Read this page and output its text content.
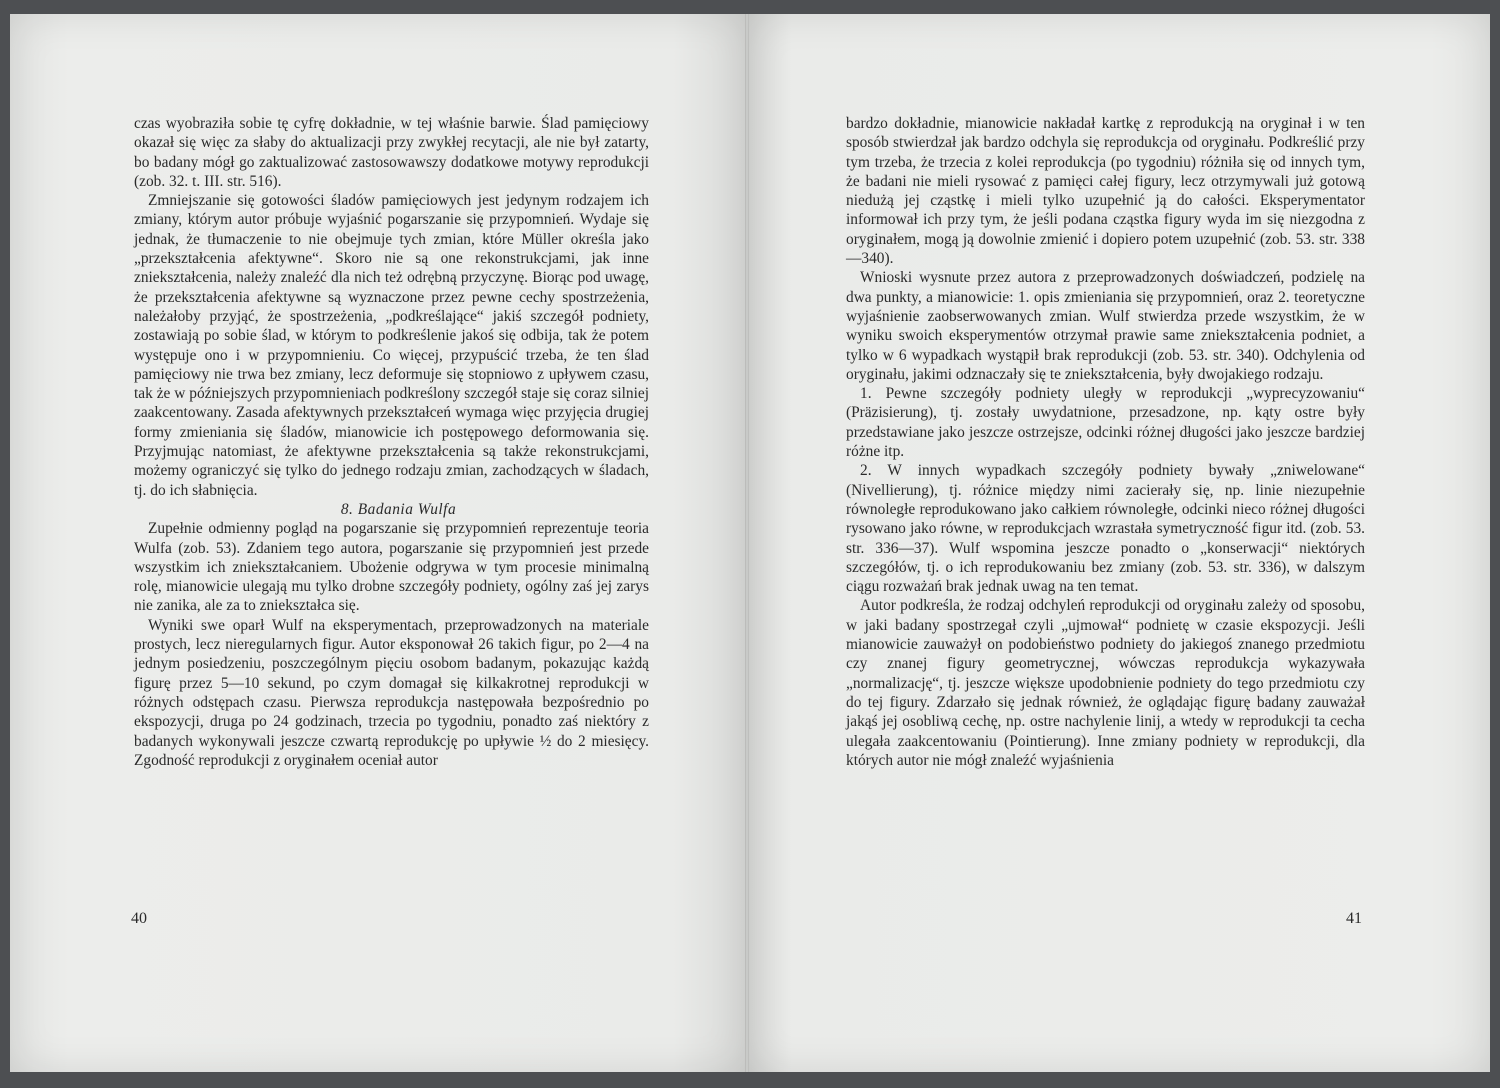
czas wyobraziła sobie tę cyfrę dokładnie, w tej właśnie barwie. Ślad pamięciowy okazał się więc za słaby do aktualizacji przy zwykłej recytacji, ale nie był zatarty, bo badany mógł go zaktualizować zastosowawszy dodatkowe motywy reprodukcji (zob. 32. t. III. str. 516).

Zmniejszanie się gotowości śladów pamięciowych jest jedynym rodzajem ich zmiany, którym autor próbuje wyjaśnić pogarszanie się przypomnień. Wydaje się jednak, że tłumaczenie to nie obejmuje tych zmian, które Müller określa jako „przekształcenia afektywne“. Skoro nie są one rekonstrukcjami, jak inne zniekształcenia, należy znaleźć dla nich też odrębną przyczynę. Biorąc pod uwagę, że przekształcenia afektywne są wyznaczone przez pewne cechy spostrzeżenia, należałoby przyjąć, że spostrzeżenia, „podkreślające“ jakiś szczegół podniety, zostawiają po sobie ślad, w którym to podkreślenie jakoś się odbija, tak że potem występuje ono i w przypomnieniu. Co więcej, przypuścić trzeba, że ten ślad pamięciowy nie trwa bez zmiany, lecz deformuje się stopniowo z upływem czasu, tak że w późniejszych przypomnieniach podkreślony szczegół staje się coraz silniej zaakcentowany. Zasada afektywnych przekształceń wymaga więc przyjęcia drugiej formy zmieniania się śladów, mianowicie ich postępowego deformowania się. Przyjmując natomiast, że afektywne przekształcenia są także rekonstrukcjami, możemy ograniczyć się tylko do jednego rodzaju zmian, zachodzących w śladach, tj. do ich słabnięcia.

8. Badania Wulfa

Zupełnie odmienny pogląd na pogarszanie się przypomnień reprezentuje teoria Wulfa (zob. 53). Zdaniem tego autora, pogarszanie się przypomnień jest przede wszystkim ich zniekształcaniem. Ubożenie odgrywa w tym procesie minimalną rolę, mianowicie ulegają mu tylko drobne szczegóły podniety, ogólny zaś jej zarys nie zanika, ale za to zniekształca się.

Wyniki swe oparł Wulf na eksperymentach, przeprowadzonych na materiale prostych, lecz nieregularnych figur. Autor eksponował 26 takich figur, po 2—4 na jednym posiedzeniu, poszczególnym pięciu osobom badanym, pokazując każdą figurę przez 5—10 sekund, po czym domagał się kilkakrotnej reprodukcji w różnych odstępach czasu. Pierwsza reprodukcja następowała bezpośrednio po ekspozycji, druga po 24 godzinach, trzecia po tygodniu, ponadto zaś niektóry z badanych wykonywali jeszcze czwartą reprodukcję po upływie ½ do 2 miesięcy. Zgodność reprodukcji z oryginałem oceniał autor

40

bardzo dokładnie, mianowicie nakładał kartkę z reprodukcją na oryginał i w ten sposób stwierdzał jak bardzo odchyla się reprodukcja od oryginału. Podkreślić przy tym trzeba, że trzecia z kolei reprodukcja (po tygodniu) różniła się od innych tym, że badani nie mieli rysować z pamięci całej figury, lecz otrzymywali już gotową niedużą jej cząstkę i mieli tylko uzupełnić ją do całości. Eksperymentator informował ich przy tym, że jeśli podana cząstka figury wyda im się niezgodna z oryginałem, mogą ją dowolnie zmienić i dopiero potem uzupełnić (zob. 53. str. 338—340).

Wnioski wysnute przez autora z przeprowadzonych doświadczeń, podzielę na dwa punkty, a mianowicie: 1. opis zmieniania się przypomnień, oraz 2. teoretyczne wyjaśnienie zaobserwowanych zmian. Wulf stwierdza przede wszystkim, że w wyniku swoich eksperymentów otrzymał prawie same zniekształcenia podniet, a tylko w 6 wypadkach wystąpił brak reprodukcji (zob. 53. str. 340). Odchylenia od oryginału, jakimi odznaczały się te zniekształcenia, były dwojakiego rodzaju.

1. Pewne szczegóły podniety uległy w reprodukcji „wyprecyzowaniu“ (Präzisierung), tj. zostały uwydatnione, przesadzone, np. kąty ostre były przedstawiane jako jeszcze ostrzejsze, odcinki różnej długości jako jeszcze bardziej różne itp.

2. W innych wypadkach szczegóły podniety bywały „zniwelowane“ (Nivellierung), tj. różnice między nimi zacierały się, np. linie niezupełnie równoległe reprodukowano jako całkiem równoległe, odcinki nieco różnej długości rysowano jako równe, w reprodukcjach wzrastała symetryczność figur itd. (zob. 53. str. 336—37). Wulf wspomina jeszcze ponadto o „konserwacji“ niektórych szczegółów, tj. o ich reprodukowaniu bez zmiany (zob. 53. str. 336), w dalszym ciągu rozważań brak jednak uwag na ten temat.

Autor podkreśla, że rodzaj odchyleń reprodukcji od oryginału zależy od sposobu, w jaki badany spostrzegał czyli „ujmował“ podnietę w czasie ekspozycji. Jeśli mianowicie zauważył on podobieństwo podniety do jakiegoś znanego przedmiotu czy znanej figury geometrycznej, wówczas reprodukcja wykazywała „normalizację“, tj. jeszcze większe upodobnienie podniety do tego przedmiotu czy do tej figury. Zdarzało się jednak również, że oglądając figurę badany zauważał jakąś jej osobliwą cechę, np. ostre nachylenie linij, a wtedy w reprodukcji ta cecha ulegała zaakcentowaniu (Pointierung). Inne zmiany podniety w reprodukcji, dla których autor nie mógł znaleźć wyjaśnienia

41
